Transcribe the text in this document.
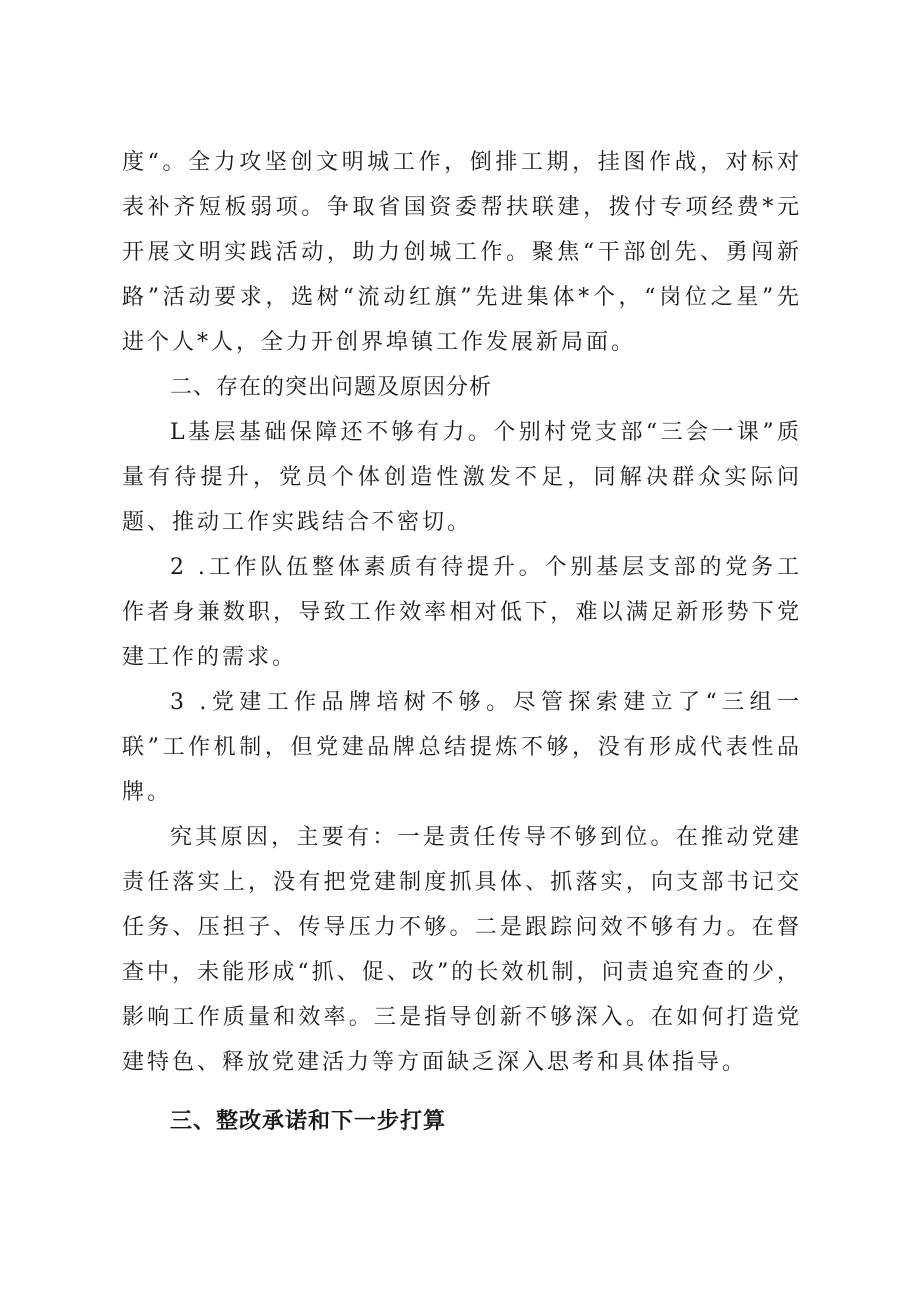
度“。全力攻坚创文明城工作，倒排工期，挂图作战，对标对表补齐短板弱项。争取省国资委帮扶联建，拨付专项经费*元开展文明实践活动，助力创城工作。聚焦“干部创先、勇闯新路”活动要求，选树“流动红旗”先进集体*个，“岗位之星”先进个人*人，全力开创界埠镇工作发展新局面。

二、存在的突出问题及原因分析

L基层基础保障还不够有力。个别村党支部“三会一课”质量有待提升，党员个体创造性激发不足，同解决群众实际问题、推动工作实践结合不密切。

2 .工作队伍整体素质有待提升。个别基层支部的党务工作者身兼数职，导致工作效率相对低下，难以满足新形势下党建工作的需求。

3 .党建工作品牌培树不够。尽管探索建立了“三组一联”工作机制，但党建品牌总结提炼不够，没有形成代表性品牌。

究其原因，主要有：一是责任传导不够到位。在推动党建责任落实上，没有把党建制度抓具体、抓落实，向支部书记交任务、压担子、传导压力不够。二是跟踪问效不够有力。在督查中，未能形成“抓、促、改”的长效机制，问责追究查的少，影响工作质量和效率。三是指导创新不够深入。在如何打造党建特色、释放党建活力等方面缺乏深入思考和具体指导。

三、整改承诺和下一步打算
